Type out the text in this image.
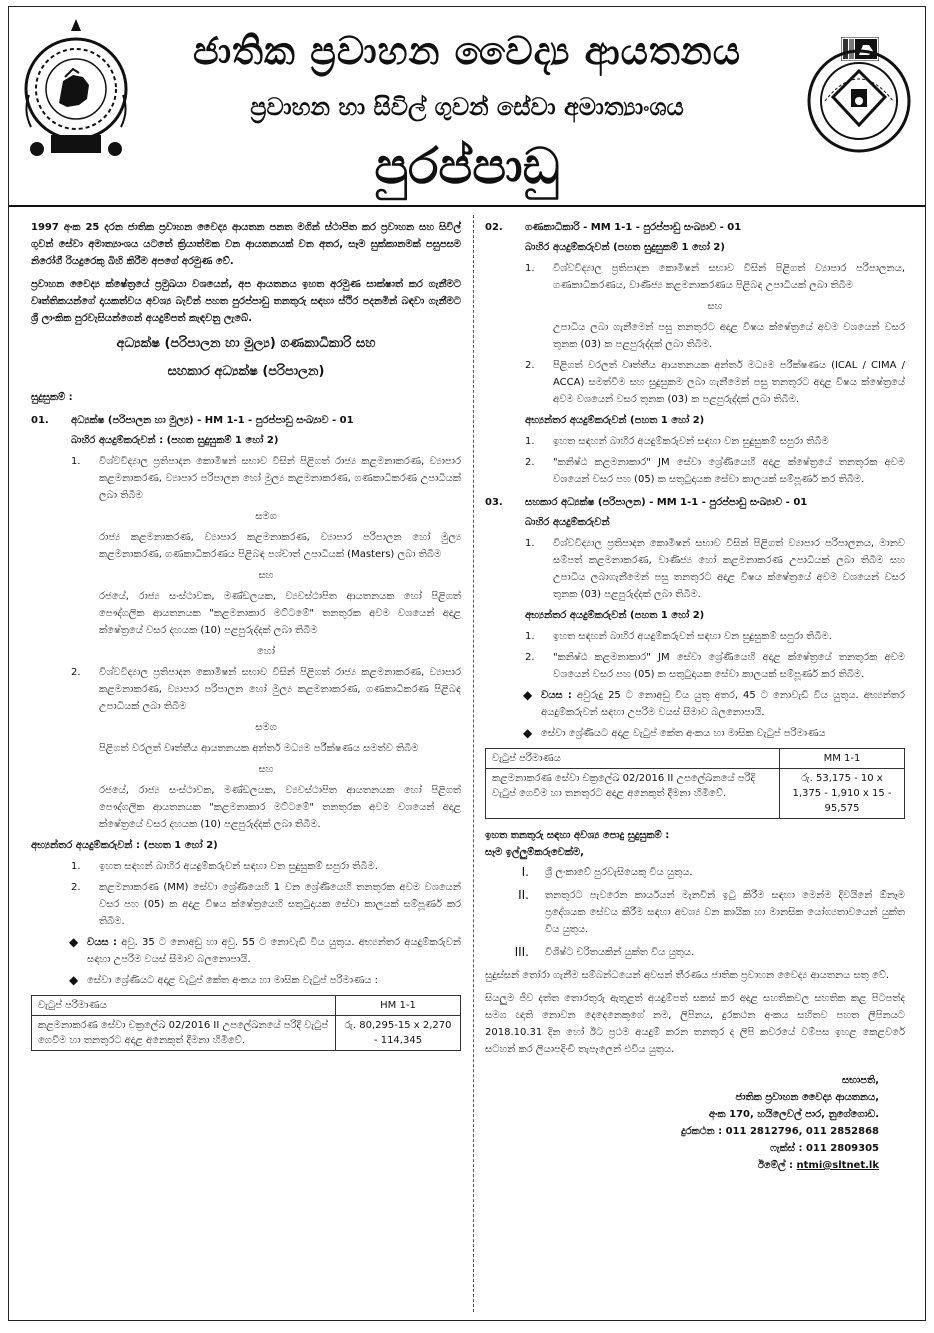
ජාතික ප්‍රවාහන වෛද්‍ය ආයතනය
ප්‍රවාහන හා සිවිල් ගුවන් සේවා අමාත්‍යාංශය
පුරප්පාඩු

1997 අංක 25 දරන ජාතික ප්‍රවාහන වෛද්‍ය ආයතන පනත මගින් ස්ථාපිත කර ප්‍රවාහන සහ සිවිල් ගුවන් සේවා අමාත්‍යාංශය යටතේ ක්‍රියාත්මක වන ආයතනයක් වන අතර, සෑම සුක්කානමක් පසුපසම නිරෝගී රියදුරෙකු බිහි කිරීම අපගේ අරමුණ වේ.

ප්‍රවාහන වෛද්‍ය ක්ෂේත්‍රයේ ප්‍රමුඛයා වශයෙන්, අප ආයතනය ඉහත අරමුණ සාක්ෂාත් කර ගැනීමට වෘත්තිකයන්ගේ දායකත්වය අවශ්‍ය බැවින් පහත පුරප්පාඩු තනතුරු සඳහා ස්ථිර පදනමින් බඳවා ගැනීමට ශ්‍රී ලාංකික පුරවැසියන්ගෙන් අයදුම්පත් කැඳවනු ලැබේ.

අධ්‍යක්ෂ (පරිපාලන හා මුල්‍ය) ගණකාධිකාරි සහ
සහකාර අධ්‍යක්ෂ (පරිපාලන)
සුදුසුකම් :
01.	අධ්‍යක්ෂ (පරිපාලන හා මුල්‍ය) - HM 1-1 - පුරප්පාඩු සංඛ්‍යාව - 01
බාහිර අයදුම්කරුවන් : (පහත සුදුසුකම් 1 හෝ 2)
1.	විශ්වවිද්‍යාල ප්‍රතිපාදන කොමිෂන් සභාව විසින් පිළිගත් රාජ්‍ය කළමනාකරණ, ව්‍යාපාර කළමනාකරණ, ව්‍යාපාර පරිපාලන හෝ මුල්‍ය කළමනාකරණ, ගණකාධිකරණ උපාධියක් ලබා තිබීම
සමග
රාජ්‍ය කළමනාකරණ, ව්‍යාපාර කළමනාකරණ, ව්‍යාපාර පරිපාලන හෝ මුල්‍ය කළමනාකරණ, ගණකාධිකරණය පිළිබඳ පශ්චාත් උපාධියක් (Masters) ලබා තිබීම
සහ
රජයේ, රාජ්‍ය සංස්ථාවක, මණ්ඩලයක, ව්‍යවස්ථාපිත ආයතනයක හෝ පිළිගත් පෞද්ගලික ආයතනයක "කළමනාකාර මට්ටමේ" තනතුරක අවම වශයෙන් අදාළ ක්ෂේත්‍රයේ වසර දහයක (10) පළපුරුද්දක් ලබා තිබීම
හෝ
2.	විශ්වවිද්‍යාල ප්‍රතිපාදන කොමිෂන් සභාව විසින් පිළිගත් රාජ්‍ය කළමනාකරණ, ව්‍යාපාර කළමනාකරණ, ව්‍යාපාර පරිපාලන හෝ මුල්‍ය කළමනාකරණ, ගණකාධිකරණ පිළිබඳ උපාධියක් ලබා තිබීම
සමග
පිළිගත් වරලත් වෘත්තීය ආයතනයක අන්තර් මධ්‍යම පරීක්ෂණය සමත්ව තිබීම
සහ
රජයේ, රාජ්‍ය සංස්ථාවක, මණ්ඩලයක, ව්‍යවස්ථාපිත ආයතනයක හෝ පිළිගත් පෞද්ගලික ආයතනයක "කළමනාකාර මට්ටමේ" තනතුරක අවම වශයෙන් අදාළ ක්ෂේත්‍රයේ වසර දහයක (10) පළපුරුද්දක් ලබා තිබීම.
අභ්‍යන්තර අයදුම්කරුවන් : (පහත 1 හෝ 2)
1.	ඉහත සඳහන් බාහිර අයදුම්කරුවන් සඳහා වන සුදුසුකම් සපුරා තිබීම.
2.	කළමනාකරණ (MM) සේවා ශ්‍රේණියෙහි 1 වන ශ්‍රේණියෙහි තනතුරක අවම වශයෙන් වසර පහ (05) ක අදාළ විෂය ක්ෂේත්‍රයෙහි සතුටුදායක සේවා කාලයක් සම්පූර්ණ කර තිබීම.
◆ වයස : අවු. 35 ට නොඅඩු හා අවු. 55 ට නොවැඩි විය යුතුය. අභ්‍යන්තර අයදුම්කරුවන් සඳහා උපරිම වයස් සීමාව බලනොපායි.
◆ සේවා ශ්‍රේණියට අදාළ වැටුප් කේත අංකය හා මාසික වැටුප් පරිමාණය :
වැටුප් පරිමාණය	HM 1-1
කළමනාකරණ සේවා චක්‍රලේඛ 02/2016 II උපලේඛනයේ පරිදි වැටුප් ගෙවීම හා තනතුරට අදාළ අනෙකුත් දීමනා හිමිවේ.	රු. 80,295-15 x 2,270 - 114,345
02.	ගණකාධිකාරි - MM 1-1 - පුරප්පාඩු සංඛ්‍යාව - 01
බාහිර අයදුම්කරුවන් (පහත සුදුසුකම් 1 හෝ 2)
1.	විශ්වවිද්‍යාල ප්‍රතිපාදන කොමිෂන් සභාව විසින් පිළිගත් ව්‍යාපාර පරිපාලනය, ගණකාධිකරණය, වාණිජ්‍ය කළමනාකරණය පිළිබඳ උපාධියක් ලබා තිබීම
සහ
උපාධිය ලබා ගැනීමෙන් පසු තනතුරට අදාළ විෂය ක්ෂේත්‍රයේ අවම වශයෙන් වසර තුනක (03) ක පළපුරුද්දක් ලබා තිබීම.
2.	පිළිගත් වරලත් වෘත්තීය ආයතනයක අන්තර් මධ්‍යම පරීක්ෂණය (ICAL / CIMA / ACCA) සමත්වීම සහ සුදුසුකම ලබා ගැනීමෙන් පසු තනතුරට අදාළ විෂය ක්ෂේත්‍රයේ අවම වශයෙන් වසර තුනක (03) ක පළපුරුද්දක් ලබා තිබීම.
අභ්‍යන්තර අයදුම්කරුවන් (පහත 1 හෝ 2)
1.	ඉහත සඳහන් බාහිර අයදුම්කරුවන් සඳහා වන සුදුසුකම් සපුරා තිබීම
2.	"කනිෂ්ඨ කළමනාකාර" JM සේවා ශ්‍රේණියෙහි අදාළ ක්ෂේත්‍රයේ තනතුරක අවම වශයෙන් වසර පහ (05) ක සතුටුදායක සේවා කාලයක් සම්පූර්ණ කර තිබීම.
03.	සහකාර අධ්‍යක්ෂ (පරිපාලන) - MM 1-1 - පුරප්පාඩු සංඛ්‍යාව - 01
බාහිර අයදුම්කරුවන්
1.	විශ්වවිද්‍යාල ප්‍රතිපාදන කොමිෂන් සභාව විසින් පිළිගත් ව්‍යාපාර පරිපාලනය, මානව සම්පත් කළමනාකරණ, වාණිජ්‍ය හෝ කළමනාකරණ උපාධියක් ලබා තිබීම සහ උපාධිය ලබාගැනීමෙන් පසු තනතුරට අදාළ විෂය ක්ෂේත්‍රයේ අවම වශයෙන් වසර තුනක (03) පළපුරුද්දක් ලබා තිබීම.
අභ්‍යන්තර අයදුම්කරුවන් (පහත 1 හෝ 2)
1.	ඉහත සඳහන් බාහිර අයදුම්කරුවන් සඳහා වන සුදුසුකම් සපුරා තිබීම.
2.	"කනිෂ්ඨ කළමනාකාර" JM සේවා ශ්‍රේණියෙහි අදාළ ක්ෂේත්‍රයේ තනතුරක අවම වශයෙන් වසර පහ (05) ක සතුටුදායක සේවා කාලයක් සම්පූර්ණ කර තිබීම.
◆ වයස : අවුරුදු 25 ට නොඅඩු විය යුතු අතර, 45 ට නොවැඩි විය යුතුය. අභ්‍යන්තර අයදුම්කරුවන් සඳහා උපරිම වයස් සීමාව බලනොපායි.
◆ සේවා ශ්‍රේණියට අදාළ වැටුප් කේත අංකය හා මාසික වැටුප් පරිමාණය
වැටුප් පරිමාණය	MM 1-1
කළමනාකරණ සේවා චක්‍රලේඛ 02/2016 II උපලේඛනයේ පරිදි වැටුප් ගෙවීම හා තනතුරට අදාළ අනෙකුත් දීමනා හිමිවේ.	රු. 53,175 - 10 x 1,375 - 1,910 x 15 - 95,575
ඉහත තනතුරු සඳහා අවශ්‍ය පොදු සුදුසුකම් :
සෑම ඉල්ලුම්කරුවෙක්ම,
I.	ශ්‍රී ලංකාවේ පුරවැසියෙකු විය යුතුය.
II.	තනතුරට පැවරෙන කාර්යයන් මැනවින් ඉටු කිරීම සඳහා මෙන්ම දිවයිනේ ඕනෑම ප්‍රදේශයක සේවය කිරීම සඳහා අවශ්‍ය වන කායික හා මානසික යෝග්‍යතාවයෙන් යුක්ත විය යුතුය.
III.	විශිෂ්ට චරිතයකින් යුක්ත විය යුතුය.

සුදුස්සන් තෝරා ගැනීම සම්බන්ධයෙන් අවසන් තීරණය ජාතික ප්‍රවාහන වෛද්‍ය ආයතනය සතු වේ.

සියලුම ජීව දත්ත තොරතුරු ඇතුළත් අයදුම්පත් සකස් කර අදාළ සහතිකවල සහතික කළ පිටපත්ද සමග ඥාති නොවන දෙදෙනෙකුගේ නම, ලිපිනය, දුරකථන අංකය සහිතව පහත ලිපිනයට 2018.10.31 දින හෝ ඊට ප්‍රථම අයදුම් කරන තනතුර ද ලිපි කවරයේ වම්පස ඉහළ කෙළවරේ සටහන් කර ලියාපදිංචි තැපෑලෙන් එවිය යුතුය.

සභාපති,
ජාතික ප්‍රවාහන වෛද්‍ය ආයතනය,
අංක 170, හයිලෙවල් පාර, නුගේගොඩ.
දුරකථන : 011 2812796, 011 2852868
ෆැක්ස් : 011 2809305
ඊමේල් : ntmi@sltnet.lk
